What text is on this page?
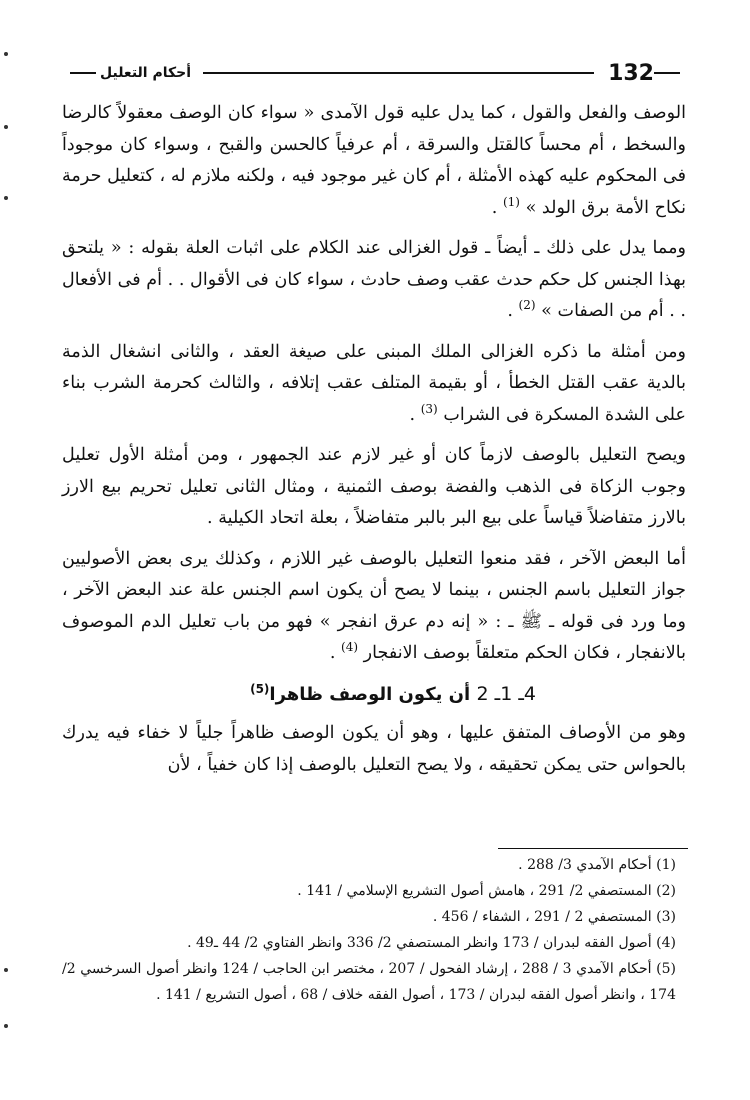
132
أحكام التعليل

الوصف والفعل والقول ، كما يدل عليه قول الآمدى « سواء كان الوصف معقولاً كالرضا والسخط ، أم محساً كالقتل والسرقة ، أم عرفياً كالحسن والقبح ، وسواء كان موجوداً فى المحكوم عليه كهذه الأمثلة ، أم كان غير موجود فيه ، ولكنه ملازم له ، كتعليل حرمة نكاح الأمة برق الولد » $^{(1)}$ .

ومما يدل على ذلك ـ أيضاً ـ قول الغزالى عند الكلام على اثبات العلة بقوله : « يلتحق بهذا الجنس كل حكم حدث عقب وصف حادث ، سواء كان فى الأقوال . . أم فى الأفعال . . أم من الصفات » $^{(2)}$ .

ومن أمثلة ما ذكره الغزالى الملك المبنى على صيغة العقد ، والثانى انشغال الذمة بالدية عقب القتل الخطأ ، أو بقيمة المتلف عقب إتلافه ، والثالث كحرمة الشرب بناء على الشدة المسكرة فى الشراب $^{(3)}$ .

ويصح التعليل بالوصف لازماً كان أو غير لازم عند الجمهور ، ومن أمثلة الأول تعليل وجوب الزكاة فى الذهب والفضة بوصف الثمنية ، ومثال الثانى تعليل تحريم بيع الارز بالارز متفاضلاً قياساً على بيع البر بالبر متفاضلاً ، بعلة اتحاد الكيلية .

أما البعض الآخر ، فقد منعوا التعليل بالوصف غير اللازم ، وكذلك يرى بعض الأصوليين جواز التعليل باسم الجنس ، بينما لا يصح أن يكون اسم الجنس علة عند البعض الآخر ، وما ورد فى قوله ـ ﷺ ـ : « إنه دم عرق انفجر » فهو من باب تعليل الدم الموصوف بالانفجار ، فكان الحكم متعلقاً بوصف الانفجار $^{(4)}$ .

4ـ 1ـ 2 أن يكون الوصف ظاهرا$^{(5)}$

وهو من الأوصاف المتفق عليها ، وهو أن يكون الوصف ظاهراً جلياً لا خفاء فيه يدرك بالحواس حتى يمكن تحقيقه ، ولا يصح التعليل بالوصف إذا كان خفياً ، لأن

(1) أحكام الآمدي 3/ 288 .

(2) المستصفي 2/ 291 ، هامش أصول التشريع الإسلامي / 141 .

(3) المستصفي 2 / 291 ، الشفاء / 456 .

(4) أصول الفقه لبدران / 173 وانظر المستصفي 2/ 336 وانظر الفتاوي 2/ 44 ـ49 .

(5) أحكام الآمدي 3 / 288 ، إرشاد الفحول / 207 ، مختصر ابن الحاجب / 124 وانظر أصول السرخسي 2/ 174 ، وانظر أصول الفقه لبدران / 173 ، أصول الفقه خلاف / 68 ، أصول التشريع / 141 .
